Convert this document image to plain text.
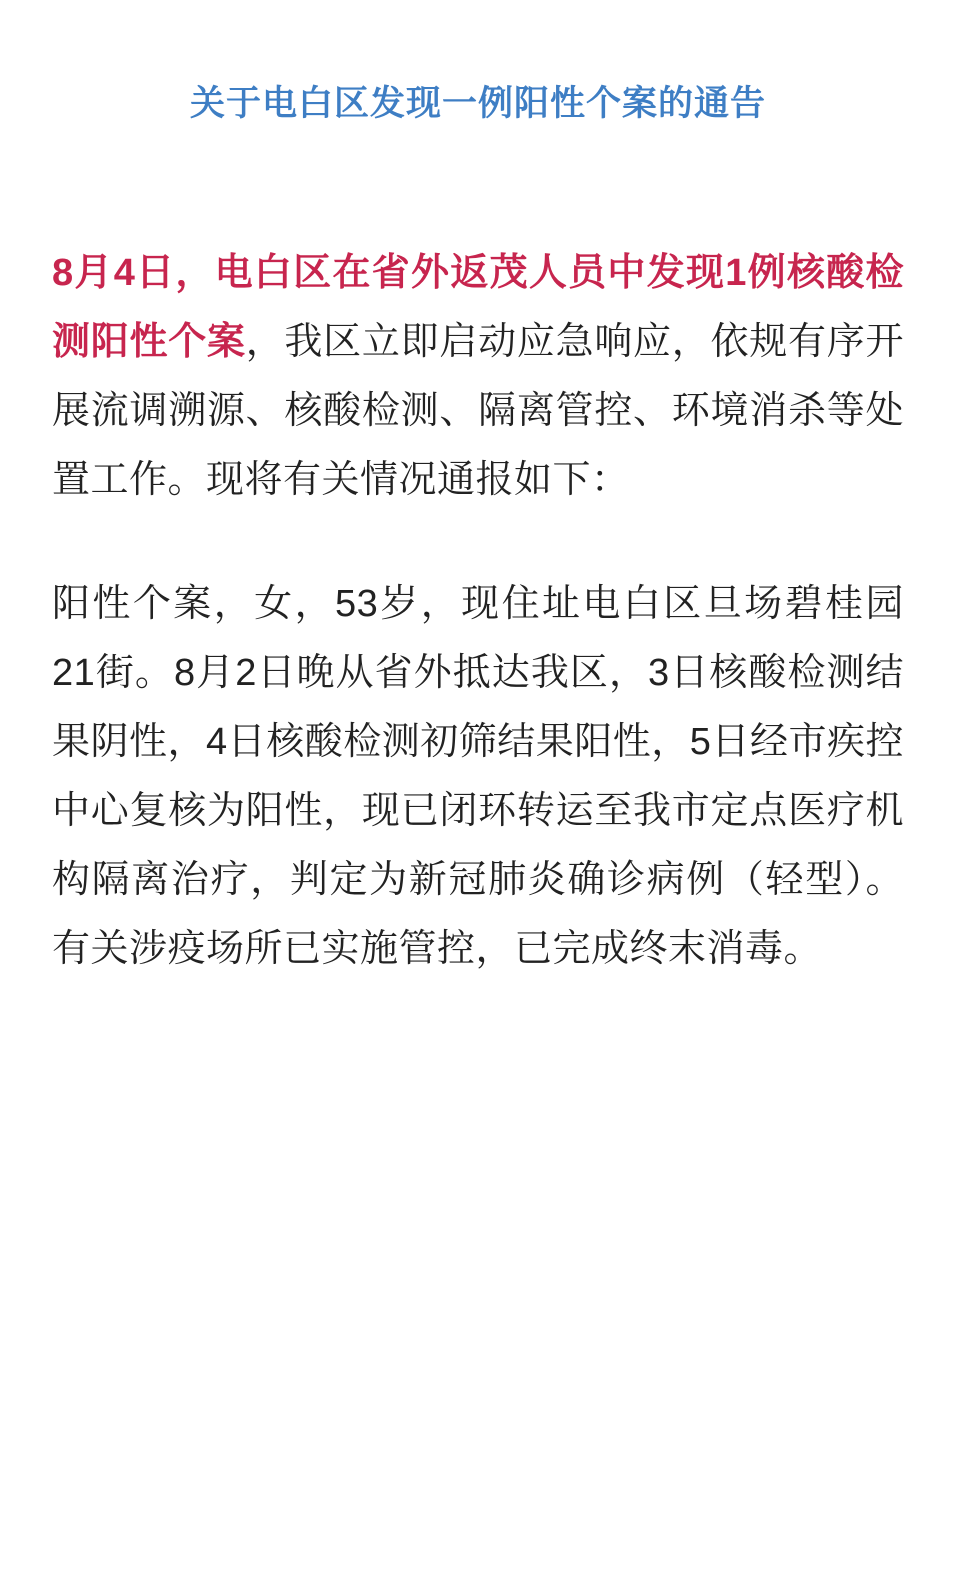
关于电白区发现一例阳性个案的通告

8月4日，电白区在省外返茂人员中发现1例核酸检测阳性个案，我区立即启动应急响应，依规有序开展流调溯源、核酸检测、隔离管控、环境消杀等处置工作。现将有关情况通报如下：

阳性个案，女，53岁，现住址电白区旦场碧桂园21街。8月2日晚从省外抵达我区，3日核酸检测结果阴性，4日核酸检测初筛结果阳性，5日经市疾控中心复核为阳性，现已闭环转运至我市定点医疗机构隔离治疗，判定为新冠肺炎确诊病例（轻型）。有关涉疫场所已实施管控，已完成终末消毒。
